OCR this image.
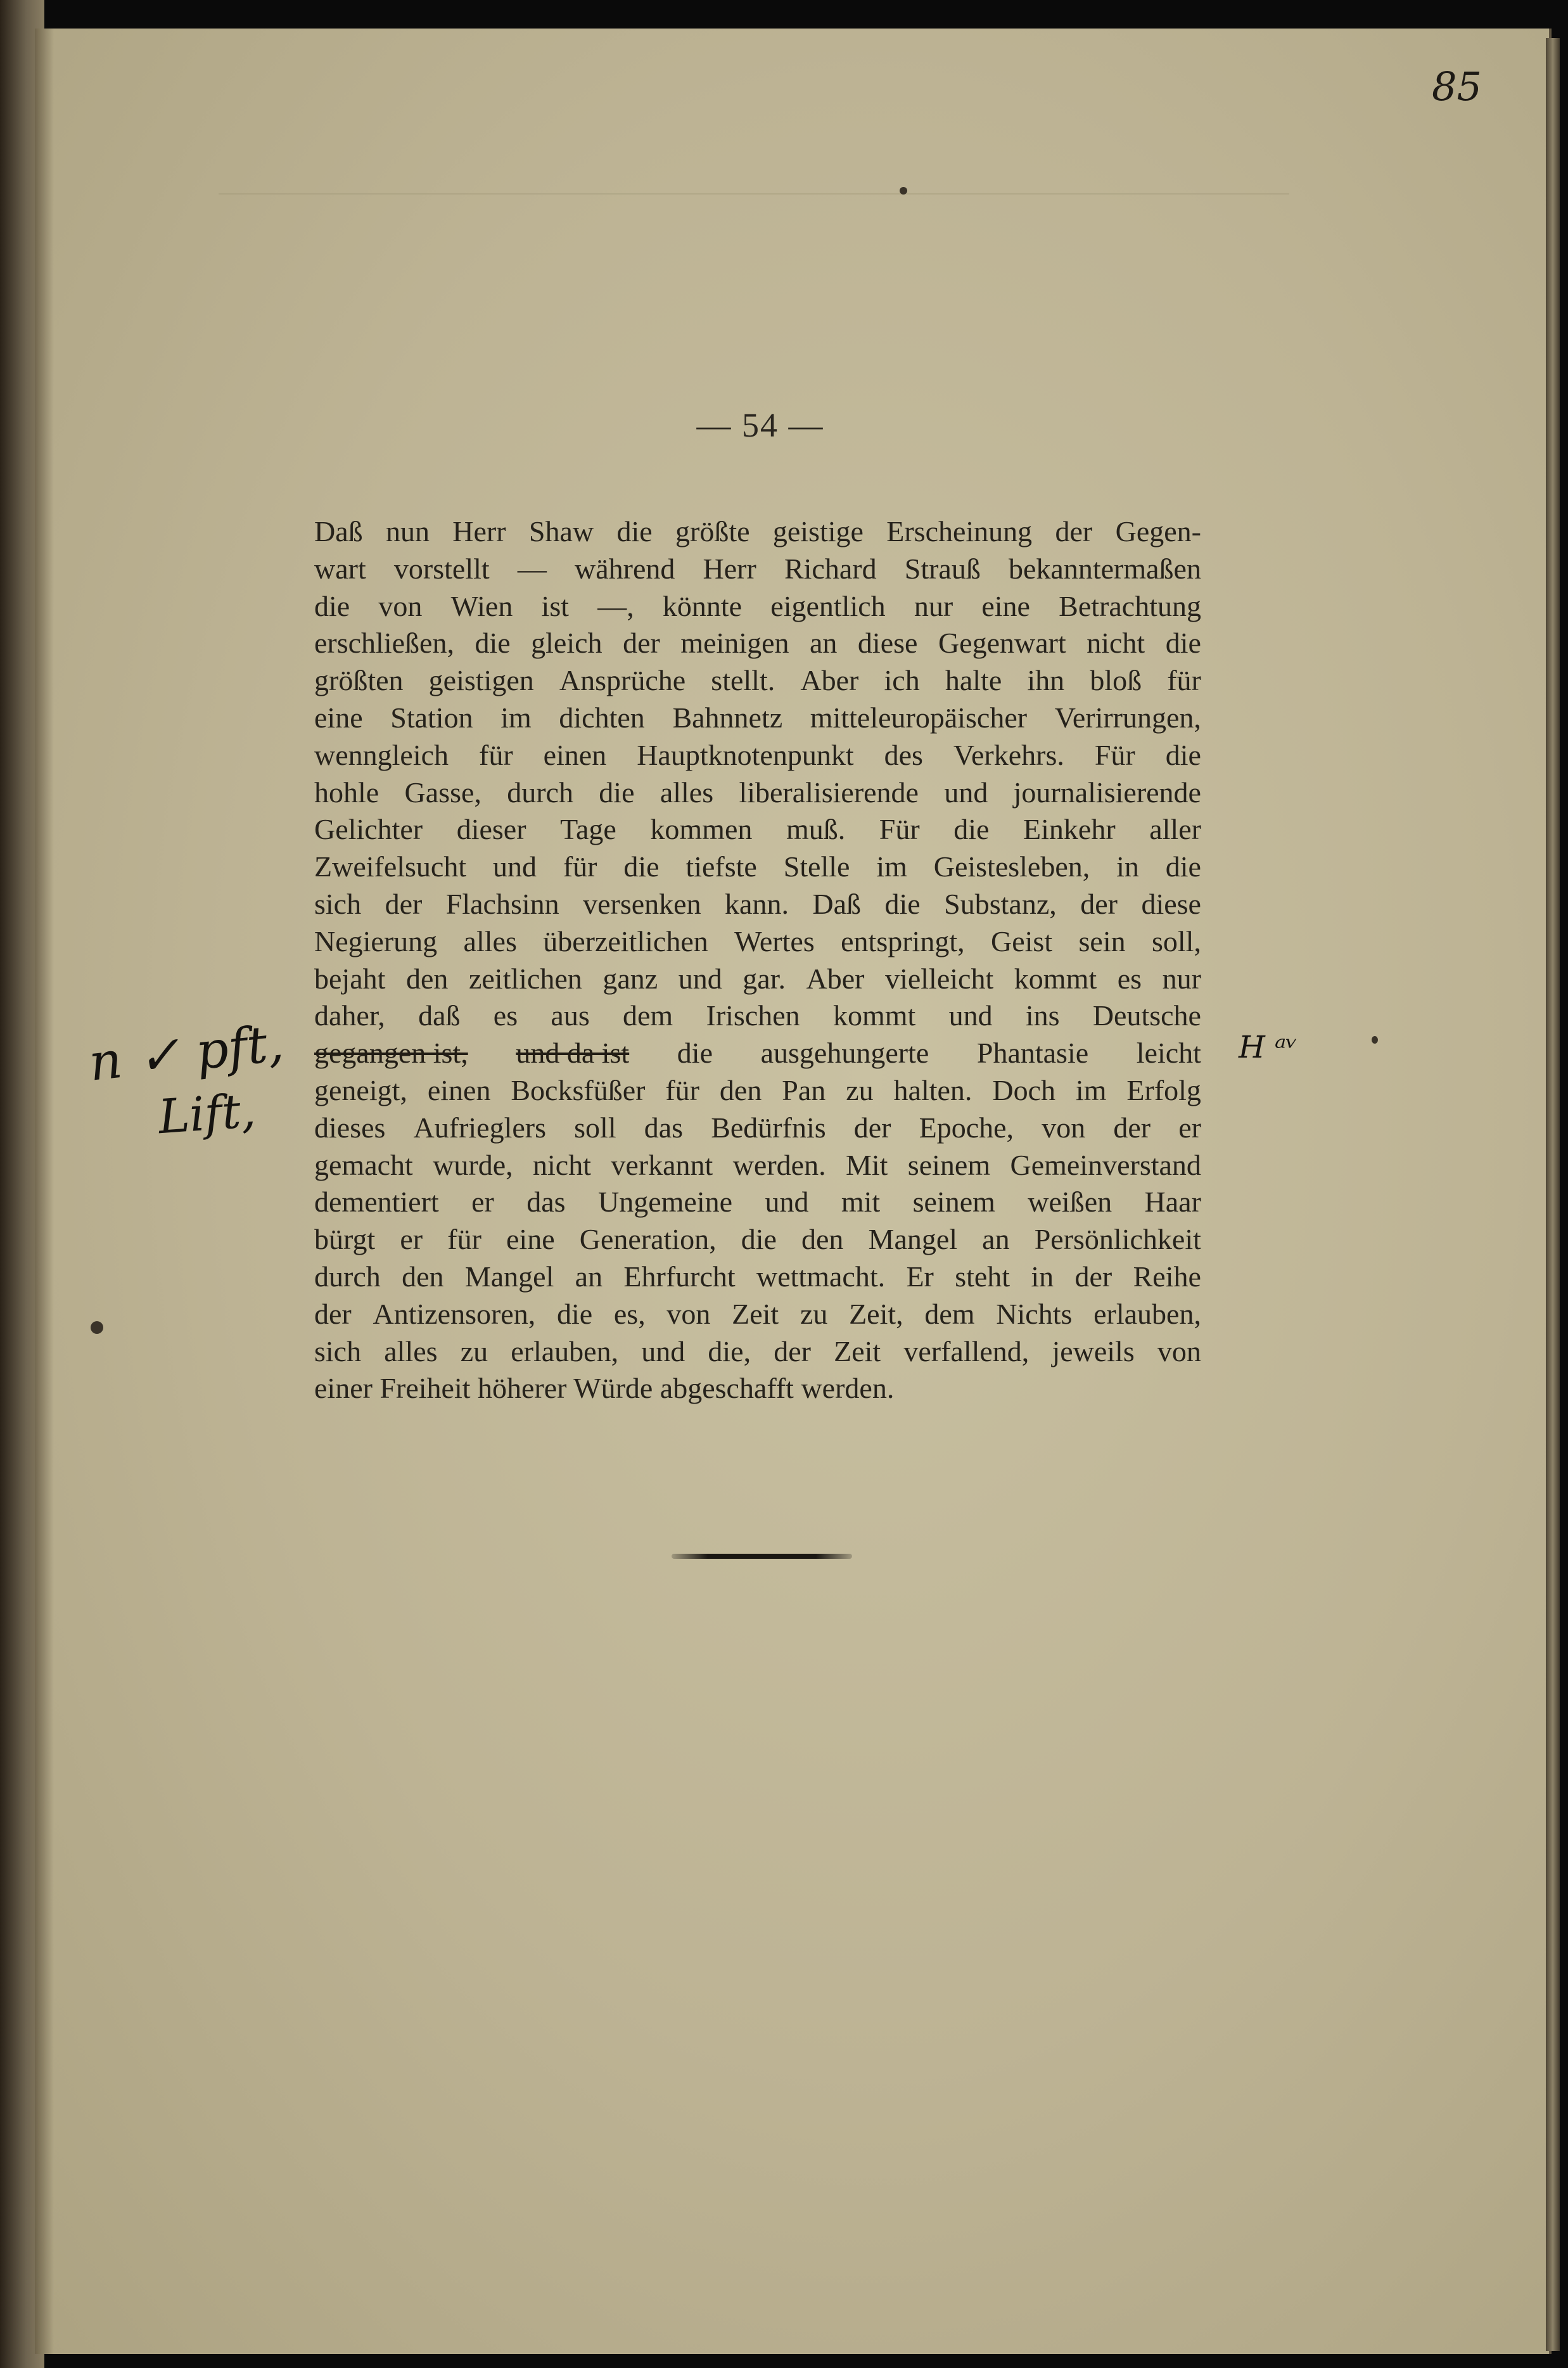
85
— 54 —
Daß nun Herr Shaw die größte geistige Erscheinung der Gegen-
wart vorstellt — während Herr Richard Strauß bekanntermaßen
die von Wien ist —, könnte eigentlich nur eine Betrachtung
erschließen, die gleich der meinigen an diese Gegenwart nicht die
größten geistigen Ansprüche stellt. Aber ich halte ihn bloß für
eine Station im dichten Bahnnetz mitteleuropäischer Verirrungen,
wenngleich für einen Hauptknotenpunkt des Verkehrs. Für die
hohle Gasse, durch die alles liberalisierende und journalisierende
Gelichter dieser Tage kommen muß. Für die Einkehr aller
Zweifelsucht und für die tiefste Stelle im Geistesleben, in die
sich der Flachsinn versenken kann. Daß die Substanz, der diese
Negierung alles überzeitlichen Wertes entspringt, Geist sein soll,
bejaht den zeitlichen ganz und gar. Aber vielleicht kommt es nur
daher, daß es aus dem Irischen kommt und ins Deutsche
gegangen ist, und da ist die ausgehungerte Phantasie leicht
geneigt, einen Bocksfüßer für den Pan zu halten. Doch im Erfolg
dieses Aufrieglers soll das Bedürfnis der Epoche, von der er
gemacht wurde, nicht verkannt werden. Mit seinem Gemeinverstand
dementiert er das Ungemeine und mit seinem weißen Haar
bürgt er für eine Generation, die den Mangel an Persönlichkeit
durch den Mangel an Ehrfurcht wettmacht. Er steht in der Reihe
der Antizensoren, die es, von Zeit zu Zeit, dem Nichts erlauben,
sich alles zu erlauben, und die, der Zeit verfallend, jeweils von
einer Freiheit höherer Würde abgeschafft werden.
n ✓ pft,
Lift,
H ᵃᵛ
